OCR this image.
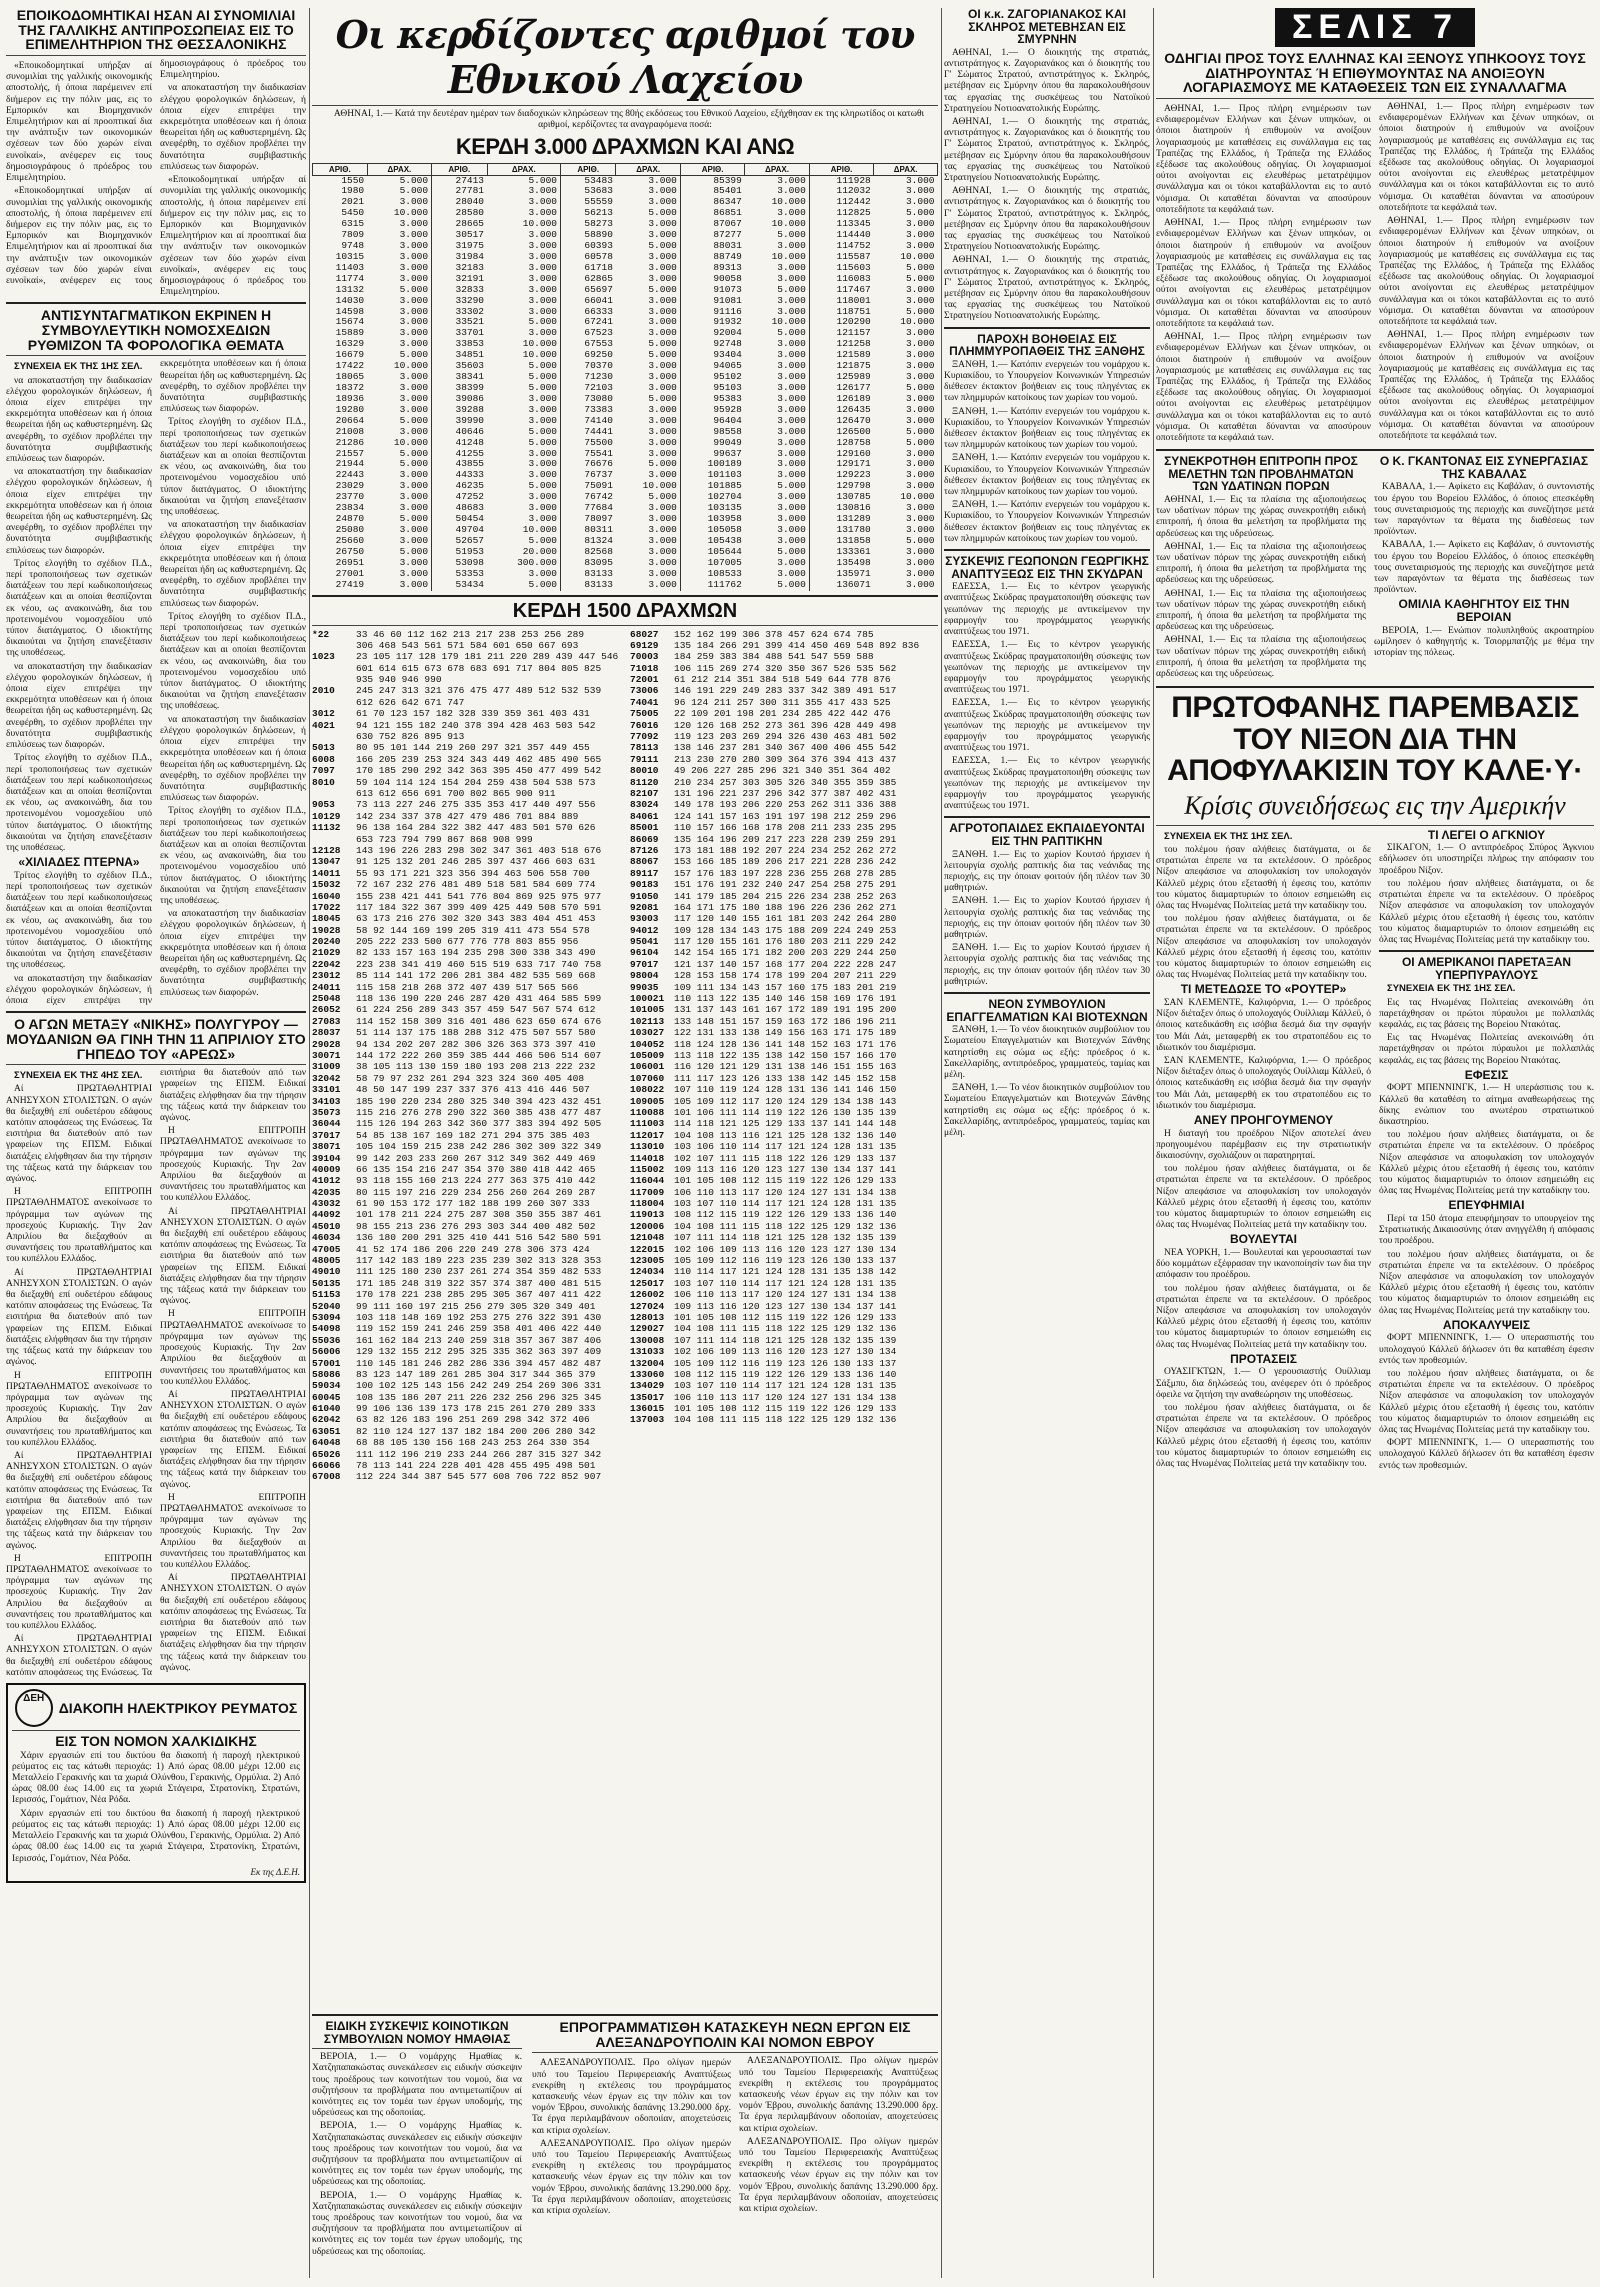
ΕΠΟΙΚΟΔΟΜΗΤΙΚΑΙ ΗΣΑΝ ΑΙ ΣΥΝΟΜΙΛΙΑΙ ΤΗΣ ΓΑΛΛΙΚΗΣ ΑΝΤΙΠΡΟΣΩΠΕΙΑΣ ΕΙΣ ΤΟ ΕΠΙΜΕΛΗΤΗΡΙΟΝ ΤΗΣ ΘΕΣΣΑΛΟΝΙΚΗΣ

«Εποικοδομητικαί υπήρξαν αί συνομιλίαι της γαλλικής οικονομικής αποστολής, ή όποια παρέμεινεν επί διήμερον εις την πόλιν μας, εις το Εμπορικόν και Βιομηχανικόν Επιμελητήριον και αί προοπτικαί δια την ανάπτυξιν των οικονομικών σχέσεων των δύο χωρών είναι ευνοϊκαί», ανέφερεν εις τους δημοσιογράφους ό πρόεδρος του Επιμελητηρίου.

«Εποικοδομητικαί υπήρξαν αί συνομιλίαι της γαλλικής οικονομικής αποστολής, ή όποια παρέμεινεν επί διήμερον εις την πόλιν μας, εις το Εμπορικόν και Βιομηχανικόν Επιμελητήριον και αί προοπτικαί δια την ανάπτυξιν των οικονομικών σχέσεων των δύο χωρών είναι ευνοϊκαί», ανέφερεν εις τους δημοσιογράφους ό πρόεδρος του Επιμελητηρίου.

να αποκαταστήση την διαδικασίαν ελέγχου φορολογικών δηλώσεων, ή όποια είχεν επιτρέψει την εκκρεμότητα υποθέσεων και ή όποια θεωρείται ήδη ως καθυστερημένη. Ως ανεφέρθη, το σχέδιον προβλέπει την δυνατότητα συμβιβαστικής επιλύσεως των διαφορών.

«Εποικοδομητικαί υπήρξαν αί συνομιλίαι της γαλλικής οικονομικής αποστολής, ή όποια παρέμεινεν επί διήμερον εις την πόλιν μας, εις το Εμπορικόν και Βιομηχανικόν Επιμελητήριον και αί προοπτικαί δια την ανάπτυξιν των οικονομικών σχέσεων των δύο χωρών είναι ευνοϊκαί», ανέφερεν εις τους δημοσιογράφους ό πρόεδρος του Επιμελητηρίου.

ΑΝΤΙΣΥΝΤΑΓΜΑΤΙΚΟΝ ΕΚΡΙΝΕΝ Η ΣΥΜΒΟΥΛΕΥΤΙΚΗ ΝΟΜΟΣΧΕΔΙΩΝ ΡΥΘΜΙΖΟΝ ΤΑ ΦΟΡΟΛΟΓΙΚΑ ΘΕΜΑΤΑ

ΣΥΝΕΧΕΙΑ ΕΚ ΤΗΣ 1ΗΣ ΣΕΛ.

να αποκαταστήση την διαδικασίαν ελέγχου φορολογικών δηλώσεων, ή όποια είχεν επιτρέψει την εκκρεμότητα υποθέσεων και ή όποια θεωρείται ήδη ως καθυστερημένη. Ως ανεφέρθη, το σχέδιον προβλέπει την δυνατότητα συμβιβαστικής επιλύσεως των διαφορών.

να αποκαταστήση την διαδικασίαν ελέγχου φορολογικών δηλώσεων, ή όποια είχεν επιτρέψει την εκκρεμότητα υποθέσεων και ή όποια θεωρείται ήδη ως καθυστερημένη. Ως ανεφέρθη, το σχέδιον προβλέπει την δυνατότητα συμβιβαστικής επιλύσεως των διαφορών.

Τρίτος ελογήθη το σχέδιον Π.Δ., περί τροποποιήσεως των σχετικών διατάξεων του περί κωδικοποιήσεως διατάξεων και αι οποίαι θεσπίζονται εκ νέου, ως ανακοινώθη, δια του προτεινομένου νομοσχεδίου υπό τύπον διατάγματος. Ο ιδιοκτήτης δικαιούται να ζητήση επανεξέτασιν της υποθέσεως.

να αποκαταστήση την διαδικασίαν ελέγχου φορολογικών δηλώσεων, ή όποια είχεν επιτρέψει την εκκρεμότητα υποθέσεων και ή όποια θεωρείται ήδη ως καθυστερημένη. Ως ανεφέρθη, το σχέδιον προβλέπει την δυνατότητα συμβιβαστικής επιλύσεως των διαφορών.

Τρίτος ελογήθη το σχέδιον Π.Δ., περί τροποποιήσεως των σχετικών διατάξεων του περί κωδικοποιήσεως διατάξεων και αι οποίαι θεσπίζονται εκ νέου, ως ανακοινώθη, δια του προτεινομένου νομοσχεδίου υπό τύπον διατάγματος. Ο ιδιοκτήτης δικαιούται να ζητήση επανεξέτασιν της υποθέσεως.

«ΧΙΛΙΑΔΕΣ ΠΤΕΡΝΑ»

Τρίτος ελογήθη το σχέδιον Π.Δ., περί τροποποιήσεως των σχετικών διατάξεων του περί κωδικοποιήσεως διατάξεων και αι οποίαι θεσπίζονται εκ νέου, ως ανακοινώθη, δια του προτεινομένου νομοσχεδίου υπό τύπον διατάγματος. Ο ιδιοκτήτης δικαιούται να ζητήση επανεξέτασιν της υποθέσεως.

να αποκαταστήση την διαδικασίαν ελέγχου φορολογικών δηλώσεων, ή όποια είχεν επιτρέψει την εκκρεμότητα υποθέσεων και ή όποια θεωρείται ήδη ως καθυστερημένη. Ως ανεφέρθη, το σχέδιον προβλέπει την δυνατότητα συμβιβαστικής επιλύσεως των διαφορών.

Τρίτος ελογήθη το σχέδιον Π.Δ., περί τροποποιήσεως των σχετικών διατάξεων του περί κωδικοποιήσεως διατάξεων και αι οποίαι θεσπίζονται εκ νέου, ως ανακοινώθη, δια του προτεινομένου νομοσχεδίου υπό τύπον διατάγματος. Ο ιδιοκτήτης δικαιούται να ζητήση επανεξέτασιν της υποθέσεως.

να αποκαταστήση την διαδικασίαν ελέγχου φορολογικών δηλώσεων, ή όποια είχεν επιτρέψει την εκκρεμότητα υποθέσεων και ή όποια θεωρείται ήδη ως καθυστερημένη. Ως ανεφέρθη, το σχέδιον προβλέπει την δυνατότητα συμβιβαστικής επιλύσεως των διαφορών.

Τρίτος ελογήθη το σχέδιον Π.Δ., περί τροποποιήσεως των σχετικών διατάξεων του περί κωδικοποιήσεως διατάξεων και αι οποίαι θεσπίζονται εκ νέου, ως ανακοινώθη, δια του προτεινομένου νομοσχεδίου υπό τύπον διατάγματος. Ο ιδιοκτήτης δικαιούται να ζητήση επανεξέτασιν της υποθέσεως.

να αποκαταστήση την διαδικασίαν ελέγχου φορολογικών δηλώσεων, ή όποια είχεν επιτρέψει την εκκρεμότητα υποθέσεων και ή όποια θεωρείται ήδη ως καθυστερημένη. Ως ανεφέρθη, το σχέδιον προβλέπει την δυνατότητα συμβιβαστικής επιλύσεως των διαφορών.

Τρίτος ελογήθη το σχέδιον Π.Δ., περί τροποποιήσεως των σχετικών διατάξεων του περί κωδικοποιήσεως διατάξεων και αι οποίαι θεσπίζονται εκ νέου, ως ανακοινώθη, δια του προτεινομένου νομοσχεδίου υπό τύπον διατάγματος. Ο ιδιοκτήτης δικαιούται να ζητήση επανεξέτασιν της υποθέσεως.

να αποκαταστήση την διαδικασίαν ελέγχου φορολογικών δηλώσεων, ή όποια είχεν επιτρέψει την εκκρεμότητα υποθέσεων και ή όποια θεωρείται ήδη ως καθυστερημένη. Ως ανεφέρθη, το σχέδιον προβλέπει την δυνατότητα συμβιβαστικής επιλύσεως των διαφορών.

Ο ΑΓΩΝ ΜΕΤΑΞΥ «ΝΙΚΗΣ» ΠΟΛΥΓΥΡΟΥ — ΜΟΥΔΑΝΙΩΝ ΘΑ ΓΙΝΗ ΤΗΝ 11 ΑΠΡΙΛΙΟΥ ΣΤΟ ΓΗΠΕΔΟ ΤΟΥ «ΑΡΕΩΣ»

ΣΥΝΕΧΕΙΑ ΕΚ ΤΗΣ 4ΗΣ ΣΕΛ.

Αί ΠΡΩΤΑΘΛΗΤΡΙΑΙ ΑΝΗΣΥΧΟΝ ΣΤΟΛΙΣΤΩΝ. Ο αγών θα διεξαχθή επί ουδετέρου εδάφους κατόπιν αποφάσεως της Ενώσεως. Τα εισιτήρια θα διατεθούν από των γραφείων της ΕΠΣΜ. Ειδικαί διατάξεις ελήφθησαν δια την τήρησιν της τάξεως κατά την διάρκειαν του αγώνος.

Η ΕΠΙΤΡΟΠΗ ΠΡΩΤΑΘΛΗΜΑΤΟΣ ανεκοίνωσε το πρόγραμμα των αγώνων της προσεχούς Κυριακής. Την 2αν Απριλίου θα διεξαχθούν αι συναντήσεις του πρωταθλήματος και του κυπέλλου Ελλάδος.

Αί ΠΡΩΤΑΘΛΗΤΡΙΑΙ ΑΝΗΣΥΧΟΝ ΣΤΟΛΙΣΤΩΝ. Ο αγών θα διεξαχθή επί ουδετέρου εδάφους κατόπιν αποφάσεως της Ενώσεως. Τα εισιτήρια θα διατεθούν από των γραφείων της ΕΠΣΜ. Ειδικαί διατάξεις ελήφθησαν δια την τήρησιν της τάξεως κατά την διάρκειαν του αγώνος.

Η ΕΠΙΤΡΟΠΗ ΠΡΩΤΑΘΛΗΜΑΤΟΣ ανεκοίνωσε το πρόγραμμα των αγώνων της προσεχούς Κυριακής. Την 2αν Απριλίου θα διεξαχθούν αι συναντήσεις του πρωταθλήματος και του κυπέλλου Ελλάδος.

Αί ΠΡΩΤΑΘΛΗΤΡΙΑΙ ΑΝΗΣΥΧΟΝ ΣΤΟΛΙΣΤΩΝ. Ο αγών θα διεξαχθή επί ουδετέρου εδάφους κατόπιν αποφάσεως της Ενώσεως. Τα εισιτήρια θα διατεθούν από των γραφείων της ΕΠΣΜ. Ειδικαί διατάξεις ελήφθησαν δια την τήρησιν της τάξεως κατά την διάρκειαν του αγώνος.

Η ΕΠΙΤΡΟΠΗ ΠΡΩΤΑΘΛΗΜΑΤΟΣ ανεκοίνωσε το πρόγραμμα των αγώνων της προσεχούς Κυριακής. Την 2αν Απριλίου θα διεξαχθούν αι συναντήσεις του πρωταθλήματος και του κυπέλλου Ελλάδος.

Αί ΠΡΩΤΑΘΛΗΤΡΙΑΙ ΑΝΗΣΥΧΟΝ ΣΤΟΛΙΣΤΩΝ. Ο αγών θα διεξαχθή επί ουδετέρου εδάφους κατόπιν αποφάσεως της Ενώσεως. Τα εισιτήρια θα διατεθούν από των γραφείων της ΕΠΣΜ. Ειδικαί διατάξεις ελήφθησαν δια την τήρησιν της τάξεως κατά την διάρκειαν του αγώνος.

Η ΕΠΙΤΡΟΠΗ ΠΡΩΤΑΘΛΗΜΑΤΟΣ ανεκοίνωσε το πρόγραμμα των αγώνων της προσεχούς Κυριακής. Την 2αν Απριλίου θα διεξαχθούν αι συναντήσεις του πρωταθλήματος και του κυπέλλου Ελλάδος.

Αί ΠΡΩΤΑΘΛΗΤΡΙΑΙ ΑΝΗΣΥΧΟΝ ΣΤΟΛΙΣΤΩΝ. Ο αγών θα διεξαχθή επί ουδετέρου εδάφους κατόπιν αποφάσεως της Ενώσεως. Τα εισιτήρια θα διατεθούν από των γραφείων της ΕΠΣΜ. Ειδικαί διατάξεις ελήφθησαν δια την τήρησιν της τάξεως κατά την διάρκειαν του αγώνος.

Η ΕΠΙΤΡΟΠΗ ΠΡΩΤΑΘΛΗΜΑΤΟΣ ανεκοίνωσε το πρόγραμμα των αγώνων της προσεχούς Κυριακής. Την 2αν Απριλίου θα διεξαχθούν αι συναντήσεις του πρωταθλήματος και του κυπέλλου Ελλάδος.

Αί ΠΡΩΤΑΘΛΗΤΡΙΑΙ ΑΝΗΣΥΧΟΝ ΣΤΟΛΙΣΤΩΝ. Ο αγών θα διεξαχθή επί ουδετέρου εδάφους κατόπιν αποφάσεως της Ενώσεως. Τα εισιτήρια θα διατεθούν από των γραφείων της ΕΠΣΜ. Ειδικαί διατάξεις ελήφθησαν δια την τήρησιν της τάξεως κατά την διάρκειαν του αγώνος.

Η ΕΠΙΤΡΟΠΗ ΠΡΩΤΑΘΛΗΜΑΤΟΣ ανεκοίνωσε το πρόγραμμα των αγώνων της προσεχούς Κυριακής. Την 2αν Απριλίου θα διεξαχθούν αι συναντήσεις του πρωταθλήματος και του κυπέλλου Ελλάδος.

Αί ΠΡΩΤΑΘΛΗΤΡΙΑΙ ΑΝΗΣΥΧΟΝ ΣΤΟΛΙΣΤΩΝ. Ο αγών θα διεξαχθή επί ουδετέρου εδάφους κατόπιν αποφάσεως της Ενώσεως. Τα εισιτήρια θα διατεθούν από των γραφείων της ΕΠΣΜ. Ειδικαί διατάξεις ελήφθησαν δια την τήρησιν της τάξεως κατά την διάρκειαν του αγώνος.

ΔΕΗ
ΔΙΑΚΟΠΗ ΗΛΕΚΤΡΙΚΟΥ ΡΕΥΜΑΤΟΣ
ΕΙΣ ΤΟΝ ΝΟΜΟΝ ΧΑΛΚΙΔΙΚΗΣ

Χάριν εργασιών επί του δικτύου θα διακοπή ή παροχή ηλεκτρικού ρεύματος εις τας κάτωθι περιοχάς: 1) Από ώρας 08.00 μέχρι 12.00 εις Μεταλλείο Γερακινής και τα χωριά Ολύνθου, Γερακινής, Ορμύλια. 2) Από ώρας 08.00 έως 14.00 εις τα χωριά Στάγειρα, Στρατονίκη, Στρατώνι, Ιερισσός, Γομάτιον, Νέα Ρόδα.

Χάριν εργασιών επί του δικτύου θα διακοπή ή παροχή ηλεκτρικού ρεύματος εις τας κάτωθι περιοχάς: 1) Από ώρας 08.00 μέχρι 12.00 εις Μεταλλείο Γερακινής και τα χωριά Ολύνθου, Γερακινής, Ορμύλια. 2) Από ώρας 08.00 έως 14.00 εις τα χωριά Στάγειρα, Στρατονίκη, Στρατώνι, Ιερισσός, Γομάτιον, Νέα Ρόδα.

Εκ της Δ.Ε.Η.
Οι κερδίζοντες αριθμοί του Εθνικού Λαχείου

ΑΘΗΝΑΙ, 1.— Κατά την δευτέραν ημέραν των διαδοχικών κληρώσεων της 80ής εκδόσεως του Εθνικού Λαχείου, εξήχθησαν εκ της κληρωτίδος οι κατωθι αριθμοί, κερδίζοντες τα αναγραφόμενα ποσά:

ΚΕΡΔΗ 3.000 ΔΡΑΧΜΩΝ ΚΑΙ ΑΝΩ
ΑΡΙΘ.	ΔΡΑΧ.	ΑΡΙΘ.	ΔΡΑΧ.	ΑΡΙΘ.	ΔΡΑΧ.	ΑΡΙΘ.	ΔΡΑΧ.	ΑΡΙΘ.	ΔΡΑΧ.
1550	5.000	27413	5.000	53483	3.000	85399	3.000	111928	3.000
1980	5.000	27781	3.000	53683	3.000	85401	3.000	112032	3.000
2021	3.000	28040	3.000	55559	3.000	86347	10.000	112442	3.000
5450	10.000	28580	3.000	56213	5.000	86851	3.000	112825	5.000
6315	3.000	28665	10.000	58273	3.000	87067	10.000	113345	3.000
7809	3.000	30517	3.000	58890	3.000	87277	5.000	114440	3.000
9748	3.000	31975	3.000	60393	5.000	88031	3.000	114752	3.000
10315	3.000	31984	3.000	60578	3.000	88749	10.000	115587	10.000
11403	3.000	32183	3.000	61718	3.000	89313	3.000	115603	5.000
11774	3.000	32191	3.000	62865	3.000	90058	3.000	116083	5.000
13132	5.000	32833	3.000	65697	5.000	91073	5.000	117467	3.000
14030	3.000	33290	3.000	66041	3.000	91081	3.000	118001	3.000
14598	3.000	33302	3.000	66333	3.000	91116	3.000	118751	5.000
15674	3.000	33521	5.000	67241	3.000	91932	10.000	120290	10.000
15889	3.000	33701	3.000	67523	3.000	92004	5.000	121157	3.000
16329	3.000	33853	10.000	67553	5.000	92748	3.000	121258	3.000
16679	5.000	34851	10.000	69250	5.000	93404	3.000	121589	3.000
17422	10.000	35603	5.000	70370	3.000	94065	3.000	121875	3.000
18065	3.000	38341	5.000	71230	3.000	95102	3.000	125989	3.000
18372	3.000	38399	5.000	72103	3.000	95103	3.000	126177	5.000
18936	3.000	39086	3.000	73080	5.000	95383	3.000	126189	3.000
19280	3.000	39288	3.000	73383	3.000	95928	3.000	126435	3.000
20664	5.000	39990	3.000	74140	3.000	96404	3.000	126470	3.000
21008	3.000	40646	5.000	74441	3.000	98558	3.000	126500	5.000
21286	10.000	41248	5.000	75500	3.000	99049	3.000	128758	5.000
21557	5.000	41255	3.000	75541	3.000	99637	3.000	129160	3.000
21944	5.000	43855	3.000	76676	5.000	100189	3.000	129171	3.000
22443	3.000	44333	3.000	76737	3.000	101103	3.000	129223	3.000
23029	3.000	46235	5.000	75091	10.000	101885	5.000	129798	3.000
23770	3.000	47252	3.000	76742	5.000	102704	3.000	130785	10.000
23834	3.000	48683	3.000	77684	3.000	103135	3.000	130816	3.000
24870	5.000	50454	3.000	78097	3.000	103958	3.000	131289	3.000
25080	3.000	49704	10.000	80311	3.000	105058	3.000	131780	3.000
25660	3.000	52657	5.000	81324	3.000	105438	3.000	131858	5.000
26750	5.000	51953	20.000	82568	3.000	105644	5.000	133361	3.000
26951	3.000	53098	300.000	83095	3.000	107005	3.000	135498	3.000
27001	3.000	53353	3.000	83133	3.000	108533	3.000	135971	3.000
27419	3.000	53434	5.000	83133	3.000	111762	5.000	136071	3.000
ΚΕΡΔΗ 1500 ΔΡΑΧΜΩΝ
*22	33 46 60 112 162 213 217 238 253 256 289
306 468 543 561 571 584 601 650 667 693
1023 23 105 117 128 179 181 211 220 289 439 447 546
601 614 615 673 678 683 691 717 804 805 825
935 940 946 990
2010 245 247 313 321 376 475 477 489 512 532 539
612 626 642 671 747
3012 61 70 123 157 182 328 339 359 361 403 431
4021 94 121 155 182 240 378 394 428 463 503 542
630 752 826 895 913
5013 80 95 101 144 219 260 297 321 357 449 455
6008 166 205 239 253 324 343 449 462 485 490 565
7097 170 185 290 292 342 363 395 450 477 499 542
8010 59 104 114 124 154 204 259 438 504 538 573
613 612 656 691 700 802 865 900 911
9053 73 113 227 246 275 335 353 417 440 497 556
10129 142 234 337 378 427 479 486 701 884 889
11132 96 138 164 284 322 382 447 483 501 570 626
653 723 794 799 867 868 908 999
12128 143 196 226 283 298 302 347 361 403 518 676
13047 91 125 132 201 246 285 397 437 466 603 631
14011 55 93 171 221 323 356 394 463 506 558 700
15032 72 167 232 276 481 489 518 581 584 609 774
16040 155 238 421 441 541 776 804 869 925 975 977
17022 117 184 322 367 399 409 425 449 508 570 591
18045 63 173 216 276 302 320 343 383 404 451 453
19028 58 92 144 169 199 205 319 411 473 554 578
20240 205 222 233 500 677 776 778 803 855 956
21029 82 133 157 163 194 235 298 300 338 343 490
22042 223 238 341 419 460 515 519 633 717 740 758
23012 85 114 141 172 206 281 384 482 535 569 668
24011 115 158 218 268 372 407 439 517 565 566
25048 118 136 190 220 246 287 420 431 464 585 599
26052 61 224 256 289 343 357 459 547 567 574 612
27083 114 152 158 309 316 401 486 623 650 674 676
28037 51 114 137 175 188 288 312 475 507 557 580
29028 94 134 202 207 282 306 326 363 373 397 410
30071 144 172 222 260 359 385 444 466 506 514 607
31009 38 105 113 130 159 180 193 208 213 222 232
32042 58 79 97 232 261 294 323 324 360 405 408
33101 48 50 147 199 237 337 376 413 416 446 507
34103 185 190 220 234 280 325 340 394 423 432 451
35073 115 216 276 278 290 322 360 385 438 477 487
36044 115 126 194 263 342 360 377 383 394 492 505
37017 54 85 138 167 169 182 271 294 375 385 403
38071 105 104 159 215 238 242 286 302 309 322 349
39104 99 142 203 233 260 267 312 349 362 449 469
40009 66 135 154 216 247 354 370 380 418 442 465
41012 93 118 155 160 213 224 277 363 375 410 442
42035 80 115 197 216 229 234 256 260 264 269 287
43032 61 90 153 172 177 182 188 199 260 307 333
44092 101 178 211 224 275 287 308 350 355 387 461
45010 98 155 213 236 276 293 303 344 400 482 502
46034 136 180 200 291 325 410 441 516 542 580 591
47005 41 52 174 186 206 220 249 278 306 373 424
48005 117 142 183 189 223 235 239 302 313 328 353
49010 111 125 180 230 237 261 274 354 359 482 533
50135 171 185 248 319 322 357 374 387 400 481 515
51153 170 178 221 238 285 295 305 367 407 411 422
52040 99 111 160 197 215 256 279 305 320 349 401
53094 103 118 148 169 192 253 275 276 322 391 430
54098 119 152 159 241 246 259 358 401 406 422 440
55036 161 162 184 213 240 259 318 357 367 387 406
56006 129 132 155 212 295 325 335 362 363 397 409
57001 110 145 181 246 282 286 336 394 457 482 487
58086 83 123 147 189 261 285 304 317 344 365 379
59034 100 102 125 143 156 242 249 254 269 306 331
60045 108 135 186 207 211 226 232 256 296 325 345
61040 99 106 136 139 173 178 215 261 270 289 333
62042 63 82 126 183 196 251 269 298 342 372 406
63051 82 110 124 127 137 182 184 200 206 280 342
64048 68 88 105 130 156 168 243 253 264 330 354
65026 111 112 196 219 233 244 266 287 315 327 342
66066 78 113 141 224 228 401 428 455 495 498 501
67008 112 224 344 387 545 577 608 706 722 852 907
68027 152 162 199 306 378 457 624 674 785
69129 135 184 266 291 399 414 450 469 548 892 836
70003 184 259 383 384 488 541 547 559 588
71018 106 115 269 274 320 350 367 526 535 562
72001 61 212 214 351 384 518 549 644 778 876
73006 146 191 229 249 283 337 342 389 491 517
74041 96 124 211 257 300 311 355 417 433 525
75005 22 109 201 198 201 234 285 422 442 476
76016 120 126 168 252 273 361 396 428 449 498
77092 119 123 203 269 294 326 430 463 481 502
78113 138 146 237 281 340 367 400 406 455 542
79111 213 230 270 280 309 364 376 394 413 437
80010 49 206 227 285 296 321 340 351 364 402
81120 210 234 257 303 305 326 340 355 359 385
82107 131 196 221 237 296 342 377 387 402 431
83024 149 178 193 206 220 253 262 311 336 388
84061 124 141 157 163 191 197 198 212 259 296
85001 110 157 166 168 178 208 211 233 235 295
86069 135 164 196 209 217 223 228 239 259 291
87126 173 181 188 192 207 224 234 252 262 272
88067 153 166 185 189 206 217 221 228 236 242
89117 157 176 183 197 228 236 255 268 278 285
90183 151 176 191 232 240 247 254 258 275 291
91050 141 179 185 204 215 226 234 238 252 263
92081 164 171 175 180 188 196 226 236 262 271
93003 117 120 140 155 161 181 203 242 264 280
94012 109 128 134 143 175 188 209 224 249 253
95041 117 120 155 161 176 180 203 211 229 242
96104 142 154 165 171 182 200 203 229 244 250
97017 121 137 140 157 168 177 204 222 228 247
98004 128 153 158 174 178 199 204 207 211 229
99035 109 111 134 143 157 160 175 183 201 219
100021 110 113 122 135 140 146 158 169 176 191
101005 131 137 143 161 167 172 189 191 195 200
102113 133 148 151 157 159 163 172 186 196 211
103027 122 131 133 138 149 156 163 171 175 189
104052 118 124 128 136 141 148 152 163 171 176
105009 113 118 122 135 138 142 150 157 166 170
106001 116 120 121 129 131 138 146 151 155 163
107060 111 117 123 126 133 138 142 145 152 158
108022 107 110 119 124 128 131 136 141 146 150
109005 105 109 112 117 120 124 129 134 138 143
110088 101 106 111 114 119 122 126 130 135 139
111003 114 118 121 125 129 133 137 141 144 148
112017 104 108 113 116 121 125 128 132 136 140
113010 103 106 110 114 117 121 124 128 131 135
114018 102 107 111 115 118 122 126 129 133 137
115002 109 113 116 120 123 127 130 134 137 141
116044 101 105 108 112 115 119 122 126 129 133
117009 106 110 113 117 120 124 127 131 134 138
118004 103 107 110 114 117 121 124 128 131 135
119013 108 112 115 119 122 126 129 133 136 140
120006 104 108 111 115 118 122 125 129 132 136
121048 107 111 114 118 121 125 128 132 135 139
122015 102 106 109 113 116 120 123 127 130 134
123005 105 109 112 116 119 123 126 130 133 137
124034 110 114 117 121 124 128 131 135 138 142
125017 103 107 110 114 117 121 124 128 131 135
126002 106 110 113 117 120 124 127 131 134 138
127024 109 113 116 120 123 127 130 134 137 141
128013 101 105 108 112 115 119 122 126 129 133
129027 104 108 111 115 118 122 125 129 132 136
130008 107 111 114 118 121 125 128 132 135 139
131033 102 106 109 113 116 120 123 127 130 134
132004 105 109 112 116 119 123 126 130 133 137
133060 108 112 115 119 122 126 129 133 136 140
134029 103 107 110 114 117 121 124 128 131 135
135017 106 110 113 117 120 124 127 131 134 138
136015 101 105 108 112 115 119 122 126 129 133
137003 104 108 111 115 118 122 125 129 132 136
ΕΙΔΙΚΗ ΣΥΣΚΕΨΙΣ ΚΟΙΝΟΤΙΚΩΝ ΣΥΜΒΟΥΛΙΩΝ ΝΟΜΟΥ ΗΜΑΘΙΑΣ

ΒΕΡΟΙΑ, 1.— Ο νομάρχης Ημαθίας κ. Χατζηπαπακώστας συνεκάλεσεν εις ειδικήν σύσκεψιν τους προέδρους των κοινοτήτων του νομού, δια να συζητήσουν τα προβλήματα που αντιμετωπίζουν αί κοινότητες εις τον τομέα των έργων υποδομής, της υδρεύσεως και της οδοποιίας.

ΒΕΡΟΙΑ, 1.— Ο νομάρχης Ημαθίας κ. Χατζηπαπακώστας συνεκάλεσεν εις ειδικήν σύσκεψιν τους προέδρους των κοινοτήτων του νομού, δια να συζητήσουν τα προβλήματα που αντιμετωπίζουν αί κοινότητες εις τον τομέα των έργων υποδομής, της υδρεύσεως και της οδοποιίας.

ΒΕΡΟΙΑ, 1.— Ο νομάρχης Ημαθίας κ. Χατζηπαπακώστας συνεκάλεσεν εις ειδικήν σύσκεψιν τους προέδρους των κοινοτήτων του νομού, δια να συζητήσουν τα προβλήματα που αντιμετωπίζουν αί κοινότητες εις τον τομέα των έργων υποδομής, της υδρεύσεως και της οδοποιίας.

ΕΠΡΟΓΡΑΜΜΑΤΙΣΘΗ ΚΑΤΑΣΚΕΥΗ ΝΕΩΝ ΕΡΓΩΝ ΕΙΣ ΑΛΕΞΑΝΔΡΟΥΠΟΛΙΝ ΚΑΙ ΝΟΜΟΝ ΕΒΡΟΥ

ΑΛΕΞΑΝΔΡΟΥΠΟΛΙΣ. Προ ολίγων ημερών υπό του Ταμείου Περιφερειακής Αναπτύξεως ενεκρίθη η εκτέλεσις του προγράμματος κατασκευής νέων έργων εις την πόλιν και τον νομόν Έβρου, συνολικής δαπάνης 13.290.000 δρχ. Τα έργα περιλαμβάνουν οδοποιίαν, αποχετεύσεις και κτίρια σχολείων.

ΑΛΕΞΑΝΔΡΟΥΠΟΛΙΣ. Προ ολίγων ημερών υπό του Ταμείου Περιφερειακής Αναπτύξεως ενεκρίθη η εκτέλεσις του προγράμματος κατασκευής νέων έργων εις την πόλιν και τον νομόν Έβρου, συνολικής δαπάνης 13.290.000 δρχ. Τα έργα περιλαμβάνουν οδοποιίαν, αποχετεύσεις και κτίρια σχολείων.

ΑΛΕΞΑΝΔΡΟΥΠΟΛΙΣ. Προ ολίγων ημερών υπό του Ταμείου Περιφερειακής Αναπτύξεως ενεκρίθη η εκτέλεσις του προγράμματος κατασκευής νέων έργων εις την πόλιν και τον νομόν Έβρου, συνολικής δαπάνης 13.290.000 δρχ. Τα έργα περιλαμβάνουν οδοποιίαν, αποχετεύσεις και κτίρια σχολείων.

ΑΛΕΞΑΝΔΡΟΥΠΟΛΙΣ. Προ ολίγων ημερών υπό του Ταμείου Περιφερειακής Αναπτύξεως ενεκρίθη η εκτέλεσις του προγράμματος κατασκευής νέων έργων εις την πόλιν και τον νομόν Έβρου, συνολικής δαπάνης 13.290.000 δρχ. Τα έργα περιλαμβάνουν οδοποιίαν, αποχετεύσεις και κτίρια σχολείων.

ΟΙ κ.κ. ΖΑΓΟΡΙΑΝΑΚΟΣ ΚΑΙ ΣΚΛΗΡΟΣ ΜΕΤΕΒΗΣΑΝ ΕΙΣ ΣΜΥΡΝΗΝ

ΑΘΗΝΑΙ, 1.— Ο διοικητής της στρατιάς, αντιστράτηγος κ. Ζαγοριανάκος και ό διοικητής του Γ' Σώματος Στρατού, αντιστράτηγος κ. Σκληρός, μετέβησαν εις Σμύρνην όπου θα παρακολουθήσουν τας εργασίας της συσκέψεως του Νατοϊκού Στρατηγείου Νοτιοανατολικής Ευρώπης.

ΑΘΗΝΑΙ, 1.— Ο διοικητής της στρατιάς, αντιστράτηγος κ. Ζαγοριανάκος και ό διοικητής του Γ' Σώματος Στρατού, αντιστράτηγος κ. Σκληρός, μετέβησαν εις Σμύρνην όπου θα παρακολουθήσουν τας εργασίας της συσκέψεως του Νατοϊκού Στρατηγείου Νοτιοανατολικής Ευρώπης.

ΑΘΗΝΑΙ, 1.— Ο διοικητής της στρατιάς, αντιστράτηγος κ. Ζαγοριανάκος και ό διοικητής του Γ' Σώματος Στρατού, αντιστράτηγος κ. Σκληρός, μετέβησαν εις Σμύρνην όπου θα παρακολουθήσουν τας εργασίας της συσκέψεως του Νατοϊκού Στρατηγείου Νοτιοανατολικής Ευρώπης.

ΑΘΗΝΑΙ, 1.— Ο διοικητής της στρατιάς, αντιστράτηγος κ. Ζαγοριανάκος και ό διοικητής του Γ' Σώματος Στρατού, αντιστράτηγος κ. Σκληρός, μετέβησαν εις Σμύρνην όπου θα παρακολουθήσουν τας εργασίας της συσκέψεως του Νατοϊκού Στρατηγείου Νοτιοανατολικής Ευρώπης.

ΠΑΡΟΧΗ ΒΟΗΘΕΙΑΣ ΕΙΣ ΠΛΗΜΜΥΡΟΠΑΘΕΙΣ ΤΗΣ ΞΑΝΘΗΣ

ΞΑΝΘΗ, 1.— Κατόπιν ενεργειών του νομάρχου κ. Κυριακίδου, το Υπουργείον Κοινωνικών Υπηρεσιών διέθεσεν έκτακτον βοήθειαν εις τους πληγέντας εκ των πλημμυρών κατοίκους των χωρίων του νομού.

ΞΑΝΘΗ, 1.— Κατόπιν ενεργειών του νομάρχου κ. Κυριακίδου, το Υπουργείον Κοινωνικών Υπηρεσιών διέθεσεν έκτακτον βοήθειαν εις τους πληγέντας εκ των πλημμυρών κατοίκους των χωρίων του νομού.

ΞΑΝΘΗ, 1.— Κατόπιν ενεργειών του νομάρχου κ. Κυριακίδου, το Υπουργείον Κοινωνικών Υπηρεσιών διέθεσεν έκτακτον βοήθειαν εις τους πληγέντας εκ των πλημμυρών κατοίκους των χωρίων του νομού.

ΞΑΝΘΗ, 1.— Κατόπιν ενεργειών του νομάρχου κ. Κυριακίδου, το Υπουργείον Κοινωνικών Υπηρεσιών διέθεσεν έκτακτον βοήθειαν εις τους πληγέντας εκ των πλημμυρών κατοίκους των χωρίων του νομού.

ΣΥΣΚΕΨΙΣ ΓΕΩΠΟΝΩΝ ΓΕΩΡΓΙΚΗΣ ΑΝΑΠΤΥΞΕΩΣ ΕΙΣ ΤΗΝ ΣΚΥΔΡΑΝ

ΕΔΕΣΣΑ, 1.— Εις το κέντρον γεωργικής αναπτύξεως Σκύδρας πραγματοποιήθη σύσκεψις των γεωπόνων της περιοχής με αντικείμενον την εφαρμογήν του προγράμματος γεωργικής αναπτύξεως του 1971.

ΕΔΕΣΣΑ, 1.— Εις το κέντρον γεωργικής αναπτύξεως Σκύδρας πραγματοποιήθη σύσκεψις των γεωπόνων της περιοχής με αντικείμενον την εφαρμογήν του προγράμματος γεωργικής αναπτύξεως του 1971.

ΕΔΕΣΣΑ, 1.— Εις το κέντρον γεωργικής αναπτύξεως Σκύδρας πραγματοποιήθη σύσκεψις των γεωπόνων της περιοχής με αντικείμενον την εφαρμογήν του προγράμματος γεωργικής αναπτύξεως του 1971.

ΕΔΕΣΣΑ, 1.— Εις το κέντρον γεωργικής αναπτύξεως Σκύδρας πραγματοποιήθη σύσκεψις των γεωπόνων της περιοχής με αντικείμενον την εφαρμογήν του προγράμματος γεωργικής αναπτύξεως του 1971.

ΑΓΡΟΤΟΠΑΙΔΕΣ ΕΚΠΑΙΔΕΥΟΝΤΑΙ ΕΙΣ ΤΗΝ ΡΑΠΤΙΚΗΝ

ΞΑΝΘΗ. 1.— Εις το χωρίον Κουτσό ήρχισεν ή λειτουργία σχολής ραπτικής δια τας νεάνιδας της περιοχής, εις την όποιαν φοιτούν ήδη πλέον των 30 μαθητριών.

ΞΑΝΘΗ. 1.— Εις το χωρίον Κουτσό ήρχισεν ή λειτουργία σχολής ραπτικής δια τας νεάνιδας της περιοχής, εις την όποιαν φοιτούν ήδη πλέον των 30 μαθητριών.

ΞΑΝΘΗ. 1.— Εις το χωρίον Κουτσό ήρχισεν ή λειτουργία σχολής ραπτικής δια τας νεάνιδας της περιοχής, εις την όποιαν φοιτούν ήδη πλέον των 30 μαθητριών.

ΝΕΟΝ ΣΥΜΒΟΥΛΙΟΝ ΕΠΑΓΓΕΛΜΑΤΙΩΝ ΚΑΙ ΒΙΟΤΕΧΝΩΝ

ΞΑΝΘΗ, 1.— Το νέον διοικητικόν συμβούλιον του Σωματείου Επαγγελματιών και Βιοτεχνών Ξάνθης κατηρτίσθη εις σώμα ως εξής: πρόεδρος ό κ. Σακελλαρίδης, αντιπρόεδρος, γραμματεύς, ταμίας και μέλη.

ΞΑΝΘΗ, 1.— Το νέον διοικητικόν συμβούλιον του Σωματείου Επαγγελματιών και Βιοτεχνών Ξάνθης κατηρτίσθη εις σώμα ως εξής: πρόεδρος ό κ. Σακελλαρίδης, αντιπρόεδρος, γραμματεύς, ταμίας και μέλη.

ΣΕΛΙΣ 7
ΟΔΗΓΙΑΙ ΠΡΟΣ ΤΟΥΣ ΕΛΛΗΝΑΣ ΚΑΙ ΞΕΝΟΥΣ ΥΠΗΚΟΟΥΣ ΤΟΥΣ ΔΙΑΤΗΡΟΥΝΤΑΣ Ή ΕΠΙΘΥΜΟΥΝΤΑΣ ΝΑ ΑΝΟΙΞΟΥΝ ΛΟΓΑΡΙΑΣΜΟΥΣ ΜΕ ΚΑΤΑΘΕΣΕΙΣ ΤΩΝ ΕΙΣ ΣΥΝΑΛΛΑΓΜΑ

ΑΘΗΝΑΙ, 1.— Προς πλήρη ενημέρωσιν των ενδιαφερομένων Ελλήνων και ξένων υπηκόων, οι όποιοι διατηρούν ή επιθυμούν να ανοίξουν λογαριασμούς με καταθέσεις εις συνάλλαγμα εις τας Τραπέζας της Ελλάδος, ή Τράπεζα της Ελλάδος εξέδωσε τας ακολούθους οδηγίας. Οι λογαριασμοί ούτοι ανοίγονται εις ελευθέρως μετατρέψιμον συνάλλαγμα και οι τόκοι καταβάλλονται εις το αυτό νόμισμα. Οι καταθέται δύνανται να αποσύρουν οποτεδήποτε τα κεφάλαιά των.

ΑΘΗΝΑΙ, 1.— Προς πλήρη ενημέρωσιν των ενδιαφερομένων Ελλήνων και ξένων υπηκόων, οι όποιοι διατηρούν ή επιθυμούν να ανοίξουν λογαριασμούς με καταθέσεις εις συνάλλαγμα εις τας Τραπέζας της Ελλάδος, ή Τράπεζα της Ελλάδος εξέδωσε τας ακολούθους οδηγίας. Οι λογαριασμοί ούτοι ανοίγονται εις ελευθέρως μετατρέψιμον συνάλλαγμα και οι τόκοι καταβάλλονται εις το αυτό νόμισμα. Οι καταθέται δύνανται να αποσύρουν οποτεδήποτε τα κεφάλαιά των.

ΑΘΗΝΑΙ, 1.— Προς πλήρη ενημέρωσιν των ενδιαφερομένων Ελλήνων και ξένων υπηκόων, οι όποιοι διατηρούν ή επιθυμούν να ανοίξουν λογαριασμούς με καταθέσεις εις συνάλλαγμα εις τας Τραπέζας της Ελλάδος, ή Τράπεζα της Ελλάδος εξέδωσε τας ακολούθους οδηγίας. Οι λογαριασμοί ούτοι ανοίγονται εις ελευθέρως μετατρέψιμον συνάλλαγμα και οι τόκοι καταβάλλονται εις το αυτό νόμισμα. Οι καταθέται δύνανται να αποσύρουν οποτεδήποτε τα κεφάλαιά των.

ΑΘΗΝΑΙ, 1.— Προς πλήρη ενημέρωσιν των ενδιαφερομένων Ελλήνων και ξένων υπηκόων, οι όποιοι διατηρούν ή επιθυμούν να ανοίξουν λογαριασμούς με καταθέσεις εις συνάλλαγμα εις τας Τραπέζας της Ελλάδος, ή Τράπεζα της Ελλάδος εξέδωσε τας ακολούθους οδηγίας. Οι λογαριασμοί ούτοι ανοίγονται εις ελευθέρως μετατρέψιμον συνάλλαγμα και οι τόκοι καταβάλλονται εις το αυτό νόμισμα. Οι καταθέται δύνανται να αποσύρουν οποτεδήποτε τα κεφάλαιά των.

ΑΘΗΝΑΙ, 1.— Προς πλήρη ενημέρωσιν των ενδιαφερομένων Ελλήνων και ξένων υπηκόων, οι όποιοι διατηρούν ή επιθυμούν να ανοίξουν λογαριασμούς με καταθέσεις εις συνάλλαγμα εις τας Τραπέζας της Ελλάδος, ή Τράπεζα της Ελλάδος εξέδωσε τας ακολούθους οδηγίας. Οι λογαριασμοί ούτοι ανοίγονται εις ελευθέρως μετατρέψιμον συνάλλαγμα και οι τόκοι καταβάλλονται εις το αυτό νόμισμα. Οι καταθέται δύνανται να αποσύρουν οποτεδήποτε τα κεφάλαιά των.

ΑΘΗΝΑΙ, 1.— Προς πλήρη ενημέρωσιν των ενδιαφερομένων Ελλήνων και ξένων υπηκόων, οι όποιοι διατηρούν ή επιθυμούν να ανοίξουν λογαριασμούς με καταθέσεις εις συνάλλαγμα εις τας Τραπέζας της Ελλάδος, ή Τράπεζα της Ελλάδος εξέδωσε τας ακολούθους οδηγίας. Οι λογαριασμοί ούτοι ανοίγονται εις ελευθέρως μετατρέψιμον συνάλλαγμα και οι τόκοι καταβάλλονται εις το αυτό νόμισμα. Οι καταθέται δύνανται να αποσύρουν οποτεδήποτε τα κεφάλαιά των.

ΣΥΝΕΚΡΟΤΗΘΗ ΕΠΙΤΡΟΠΗ ΠΡΟΣ ΜΕΛΕΤΗΝ ΤΩΝ ΠΡΟΒΛΗΜΑΤΩΝ ΤΩΝ ΥΔΑΤΙΝΩΝ ΠΟΡΩΝ

ΑΘΗΝΑΙ, 1.— Εις τα πλαίσια της αξιοποιήσεως των υδατίνων πόρων της χώρας συνεκροτήθη ειδική επιτροπή, ή όποια θα μελετήση τα προβλήματα της αρδεύσεως και της υδρεύσεως.

ΑΘΗΝΑΙ, 1.— Εις τα πλαίσια της αξιοποιήσεως των υδατίνων πόρων της χώρας συνεκροτήθη ειδική επιτροπή, ή όποια θα μελετήση τα προβλήματα της αρδεύσεως και της υδρεύσεως.

ΑΘΗΝΑΙ, 1.— Εις τα πλαίσια της αξιοποιήσεως των υδατίνων πόρων της χώρας συνεκροτήθη ειδική επιτροπή, ή όποια θα μελετήση τα προβλήματα της αρδεύσεως και της υδρεύσεως.

ΑΘΗΝΑΙ, 1.— Εις τα πλαίσια της αξιοποιήσεως των υδατίνων πόρων της χώρας συνεκροτήθη ειδική επιτροπή, ή όποια θα μελετήση τα προβλήματα της αρδεύσεως και της υδρεύσεως.

Ο Κ. ΓΚΑΝΤΟΝΑΣ ΕΙΣ ΣΥΝΕΡΓΑΣΙΑΣ ΤΗΣ ΚΑΒΑΛΑΣ

ΚΑΒΑΛΑ, 1.— Αφίκετο εις Καβάλαν, ό συντονιστής του έργου του Βορείου Ελλάδος, ό όποιος επεσκέφθη τους συνεταιρισμούς της περιοχής και συνεζήτησε μετά των παραγόντων τα θέματα της διαθέσεως των προϊόντων.

ΚΑΒΑΛΑ, 1.— Αφίκετο εις Καβάλαν, ό συντονιστής του έργου του Βορείου Ελλάδος, ό όποιος επεσκέφθη τους συνεταιρισμούς της περιοχής και συνεζήτησε μετά των παραγόντων τα θέματα της διαθέσεως των προϊόντων.

ΟΜΙΛΙΑ ΚΑΘΗΓΗΤΟΥ ΕΙΣ ΤΗΝ ΒΕΡΟΙΑΝ

ΒΕΡΟΙΑ, 1.— Ενώπιον πολυπληθούς ακροατηρίου ωμίλησεν ό καθηγητής κ. Τσιορμπατζής με θέμα την ιστορίαν της πόλεως.

ΠΡΩΤΟΦΑΝΗΣ ΠΑΡΕΜΒΑΣΙΣ ΤΟΥ ΝΙΞΟΝ ΔΙΑ ΤΗΝ ΑΠΟΦΥΛΑΚΙΣΙΝ ΤΟΥ ΚΑΛΕ·Υ·
Κρίσις συνειδήσεως εις την Αμερικήν

ΣΥΝΕΧΕΙΑ ΕΚ ΤΗΣ 1ΗΣ ΣΕΛ.

του πολέμου ήσαν αλήθειες διατάγματα, οι δε στρατιώται έπρεπε να τα εκτελέσουν. Ο πρόεδρος Νίξον απεφάσισε να αποφυλακίση τον υπολοχαγόν Κάλλεϋ μέχρις ότου εξετασθή ή έφεσις του, κατόπιν του κύματος διαμαρτυριών το όποιον εσημειώθη εις όλας τας Ηνωμένας Πολιτείας μετά την καταδίκην του.

του πολέμου ήσαν αλήθειες διατάγματα, οι δε στρατιώται έπρεπε να τα εκτελέσουν. Ο πρόεδρος Νίξον απεφάσισε να αποφυλακίση τον υπολοχαγόν Κάλλεϋ μέχρις ότου εξετασθή ή έφεσις του, κατόπιν του κύματος διαμαρτυριών το όποιον εσημειώθη εις όλας τας Ηνωμένας Πολιτείας μετά την καταδίκην του.

ΤΙ ΜΕΤΕΔΩΣΕ ΤΟ «ΡΟΥΤΕΡ»

ΣΑΝ ΚΛΕΜΕΝΤΕ, Καλιφόρνια, 1.— Ο πρόεδρος Νίξον διέταξεν όπως ό υπολοχαγός Ουίλλιαμ Κάλλεϋ, ό όποιος κατεδικάσθη εις ισόβια δεσμά δια την σφαγήν του Μάι Λάι, μεταφερθή εκ του στρατοπέδου εις το ιδιωτικόν του διαμέρισμα.

ΣΑΝ ΚΛΕΜΕΝΤΕ, Καλιφόρνια, 1.— Ο πρόεδρος Νίξον διέταξεν όπως ό υπολοχαγός Ουίλλιαμ Κάλλεϋ, ό όποιος κατεδικάσθη εις ισόβια δεσμά δια την σφαγήν του Μάι Λάι, μεταφερθή εκ του στρατοπέδου εις το ιδιωτικόν του διαμέρισμα.

ΑΝΕΥ ΠΡΟΗΓΟΥΜΕΝΟΥ

Η διαταγή του προέδρου Νίξον αποτελεί άνευ προηγουμένου παρέμβασιν εις την στρατιωτικήν δικαιοσύνην, σχολιάζουν οι παρατηρηταί.

του πολέμου ήσαν αλήθειες διατάγματα, οι δε στρατιώται έπρεπε να τα εκτελέσουν. Ο πρόεδρος Νίξον απεφάσισε να αποφυλακίση τον υπολοχαγόν Κάλλεϋ μέχρις ότου εξετασθή ή έφεσις του, κατόπιν του κύματος διαμαρτυριών το όποιον εσημειώθη εις όλας τας Ηνωμένας Πολιτείας μετά την καταδίκην του.

ΒΟΥΛΕΥΤΑΙ

ΝΕΑ ΥΟΡΚΗ, 1.— Βουλευταί και γερουσιασταί των δύο κομμάτων εξέφρασαν την ικανοποίησίν των δια την απόφασιν του προέδρου.

του πολέμου ήσαν αλήθειες διατάγματα, οι δε στρατιώται έπρεπε να τα εκτελέσουν. Ο πρόεδρος Νίξον απεφάσισε να αποφυλακίση τον υπολοχαγόν Κάλλεϋ μέχρις ότου εξετασθή ή έφεσις του, κατόπιν του κύματος διαμαρτυριών το όποιον εσημειώθη εις όλας τας Ηνωμένας Πολιτείας μετά την καταδίκην του.

ΠΡΟΤΑΣΕΙΣ

ΟΥΑΣΙΓΚΤΩΝ, 1.— Ο γερουσιαστής Ουίλλιαμ Σάξμπυ, δια δηλώσεώς του, ανέφερεν ότι ό πρόεδρος όφειλε να ζητήση την αναθεώρησιν της υποθέσεως.

του πολέμου ήσαν αλήθειες διατάγματα, οι δε στρατιώται έπρεπε να τα εκτελέσουν. Ο πρόεδρος Νίξον απεφάσισε να αποφυλακίση τον υπολοχαγόν Κάλλεϋ μέχρις ότου εξετασθή ή έφεσις του, κατόπιν του κύματος διαμαρτυριών το όποιον εσημειώθη εις όλας τας Ηνωμένας Πολιτείας μετά την καταδίκην του.

ΤΙ ΛΕΓΕΙ Ο ΑΓΚΝΙΟΥ

ΣΙΚΑΓΟΝ, 1.— Ο αντιπρόεδρος Σπύρος Άγκνιου εδήλωσεν ότι υποστηρίζει πλήρως την απόφασιν του προέδρου Νίξον.

του πολέμου ήσαν αλήθειες διατάγματα, οι δε στρατιώται έπρεπε να τα εκτελέσουν. Ο πρόεδρος Νίξον απεφάσισε να αποφυλακίση τον υπολοχαγόν Κάλλεϋ μέχρις ότου εξετασθή ή έφεσις του, κατόπιν του κύματος διαμαρτυριών το όποιον εσημειώθη εις όλας τας Ηνωμένας Πολιτείας μετά την καταδίκην του.

ΟΙ ΑΜΕΡΙΚΑΝΟΙ ΠΑΡΕΤΑΞΑΝ ΥΠΕΡΠΥΡΑΥΛΟΥΣ

ΣΥΝΕΧΕΙΑ ΕΚ ΤΗΣ 1ΗΣ ΣΕΛ.

Εις τας Ηνωμένας Πολιτείας ανεκοινώθη ότι παρετάχθησαν οι πρώτοι πύραυλοι με πολλαπλάς κεφαλάς, εις τας βάσεις της Βορείου Ντακότας.

Εις τας Ηνωμένας Πολιτείας ανεκοινώθη ότι παρετάχθησαν οι πρώτοι πύραυλοι με πολλαπλάς κεφαλάς, εις τας βάσεις της Βορείου Ντακότας.

ΕΦΕΣΙΣ

ΦΟΡΤ ΜΠΕΝΝΙΝΓΚ, 1.— Η υπεράσπισις του κ. Κάλλεϋ θα καταθέση το αίτημα αναθεωρήσεως της δίκης ενώπιον του ανωτέρου στρατιωτικού δικαστηρίου.

του πολέμου ήσαν αλήθειες διατάγματα, οι δε στρατιώται έπρεπε να τα εκτελέσουν. Ο πρόεδρος Νίξον απεφάσισε να αποφυλακίση τον υπολοχαγόν Κάλλεϋ μέχρις ότου εξετασθή ή έφεσις του, κατόπιν του κύματος διαμαρτυριών το όποιον εσημειώθη εις όλας τας Ηνωμένας Πολιτείας μετά την καταδίκην του.

ΕΠΕΥΦΗΜΙΑΙ

Περί τα 150 άτομα επευφήμησαν το υπουργείον της Στρατιωτικής Δικαιοσύνης όταν ανηγγέλθη ή απόφασις του προέδρου.

του πολέμου ήσαν αλήθειες διατάγματα, οι δε στρατιώται έπρεπε να τα εκτελέσουν. Ο πρόεδρος Νίξον απεφάσισε να αποφυλακίση τον υπολοχαγόν Κάλλεϋ μέχρις ότου εξετασθή ή έφεσις του, κατόπιν του κύματος διαμαρτυριών το όποιον εσημειώθη εις όλας τας Ηνωμένας Πολιτείας μετά την καταδίκην του.

ΑΠΟΚΑΛΥΨΕΙΣ

ΦΟΡΤ ΜΠΕΝΝΙΝΓΚ, 1.— Ο υπερασπιστής του υπολοχαγού Κάλλεϋ δήλωσεν ότι θα καταθέση έφεσιν εντός των προθεσμιών.

του πολέμου ήσαν αλήθειες διατάγματα, οι δε στρατιώται έπρεπε να τα εκτελέσουν. Ο πρόεδρος Νίξον απεφάσισε να αποφυλακίση τον υπολοχαγόν Κάλλεϋ μέχρις ότου εξετασθή ή έφεσις του, κατόπιν του κύματος διαμαρτυριών το όποιον εσημειώθη εις όλας τας Ηνωμένας Πολιτείας μετά την καταδίκην του.

ΦΟΡΤ ΜΠΕΝΝΙΝΓΚ, 1.— Ο υπερασπιστής του υπολοχαγού Κάλλεϋ δήλωσεν ότι θα καταθέση έφεσιν εντός των προθεσμιών.
